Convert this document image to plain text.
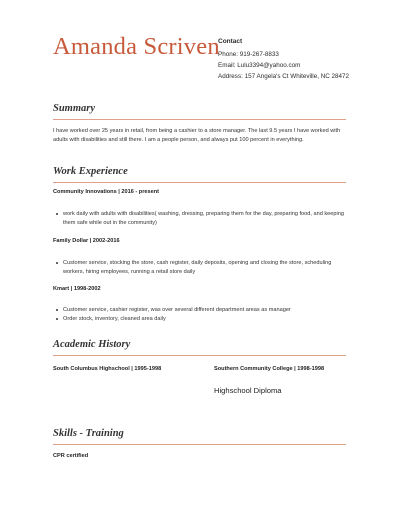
Amanda Scriven
Contact
Phone: 919-267-8833
Email: Lulu3394@yahoo.com
Address: 157 Angela's Ct Whiteville, NC 28472
Summary
I have worked over 25 years in retail, from being a cashier to a store manager. The last 9.5 years I have worked with adults with disabilities and still there. I am a people person, and always put 100 percent in everything.
Work Experience
Community Innovations | 2016 - present
work daily with adults with disabilities( washing, dressing, preparing them for the day, preparing food, and keeping them safe while out in the community)
Family Dollar | 2002-2016
Customer service, stocking the store, cash register, daily deposits, opening and closing the store, scheduling workers, hiring employees, running a retail store daily
Kmart | 1998-2002
Customer service, cashier register, was over several different department areas as manager
Order stock, inventory, cleaned area daily
Academic History
South Columbus Highschool | 1995-1998	Southern Community College | 1998-1998
Highschool Diploma
Skills - Training
CPR certified
